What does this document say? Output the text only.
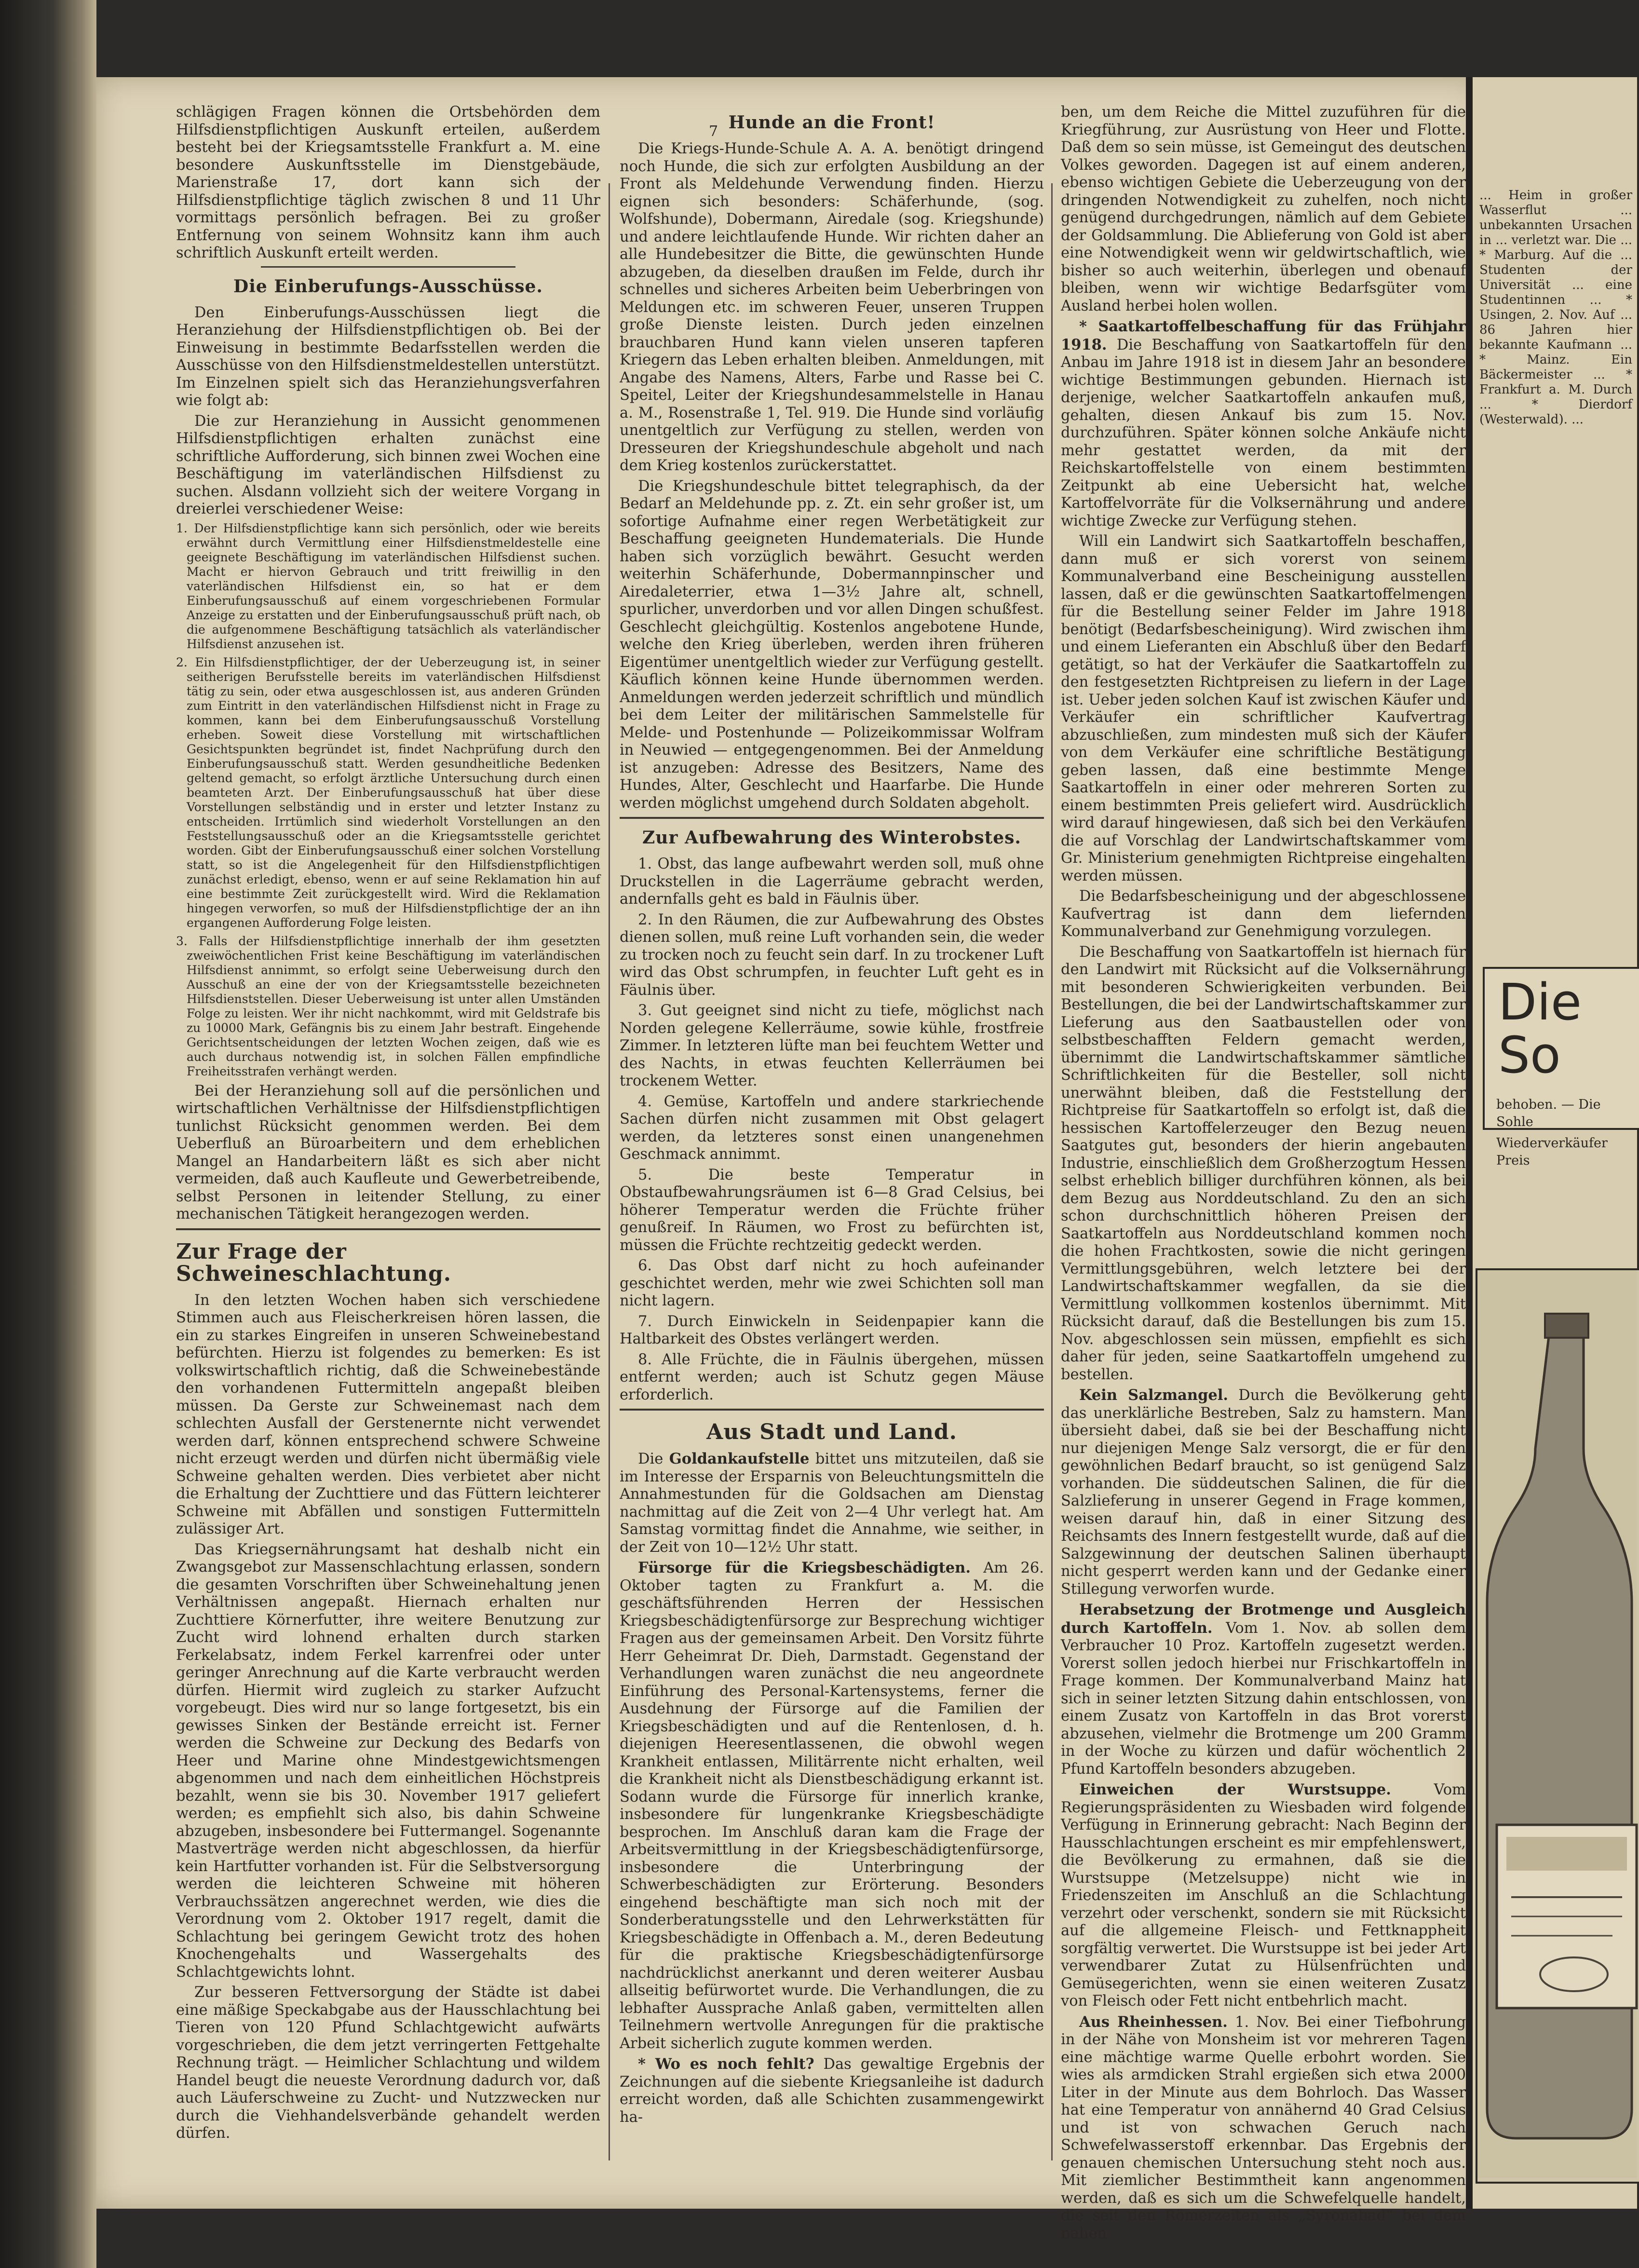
7

schlägigen Fragen können die Ortsbehörden dem Hilfsdienstpflichtigen Auskunft erteilen, außerdem besteht bei der Kriegsamtsstelle Frankfurt a. M. eine besondere Auskunftsstelle im Dienstgebäude, Marienstraße 17, dort kann sich der Hilfsdienstpflichtige täglich zwischen 8 und 11 Uhr vormittags persönlich befragen. Bei zu großer Entfernung von seinem Wohnsitz kann ihm auch schriftlich Auskunft erteilt werden.

Die Einberufungs-Ausschüsse.

Den Einberufungs-Ausschüssen liegt die Heranziehung der Hilfsdienstpflichtigen ob. Bei der Einweisung in bestimmte Bedarfsstellen werden die Ausschüsse von den Hilfsdienstmeldestellen unterstützt. Im Einzelnen spielt sich das Heranziehungsverfahren wie folgt ab:

Die zur Heranziehung in Aussicht genommenen Hilfsdienstpflichtigen erhalten zunächst eine schriftliche Aufforderung, sich binnen zwei Wochen eine Beschäftigung im vaterländischen Hilfsdienst zu suchen. Alsdann vollzieht sich der weitere Vorgang in dreierlei verschiedener Weise:

1. Der Hilfsdienstpflichtige kann sich persönlich, oder wie bereits erwähnt durch Vermittlung einer Hilfsdienstmeldestelle eine geeignete Beschäftigung im vaterländischen Hilfsdienst suchen. Macht er hiervon Gebrauch und tritt freiwillig in den vaterländischen Hilfsdienst ein, so hat er dem Einberufungsausschuß auf einem vorgeschriebenen Formular Anzeige zu erstatten und der Einberufungsausschuß prüft nach, ob die aufgenommene Beschäftigung tatsächlich als vaterländischer Hilfsdienst anzusehen ist.

2. Ein Hilfsdienstpflichtiger, der der Ueberzeugung ist, in seiner seitherigen Berufsstelle bereits im vaterländischen Hilfsdienst tätig zu sein, oder etwa ausgeschlossen ist, aus anderen Gründen zum Eintritt in den vaterländischen Hilfsdienst nicht in Frage zu kommen, kann bei dem Einberufungsausschuß Vorstellung erheben. Soweit diese Vorstellung mit wirtschaftlichen Gesichtspunkten begründet ist, findet Nachprüfung durch den Einberufungsausschuß statt. Werden gesundheitliche Bedenken geltend gemacht, so erfolgt ärztliche Untersuchung durch einen beamteten Arzt. Der Einberufungsausschuß hat über diese Vorstellungen selbständig und in erster und letzter Instanz zu entscheiden. Irrtümlich sind wiederholt Vorstellungen an den Feststellungsausschuß oder an die Kriegsamtsstelle gerichtet worden. Gibt der Einberufungsausschuß einer solchen Vorstellung statt, so ist die Angelegenheit für den Hilfsdienstpflichtigen zunächst erledigt, ebenso, wenn er auf seine Reklamation hin auf eine bestimmte Zeit zurückgestellt wird. Wird die Reklamation hingegen verworfen, so muß der Hilfsdienstpflichtige der an ihn ergangenen Aufforderung Folge leisten.

3. Falls der Hilfsdienstpflichtige innerhalb der ihm gesetzten zweiwöchentlichen Frist keine Beschäftigung im vaterländischen Hilfsdienst annimmt, so erfolgt seine Ueberweisung durch den Ausschuß an eine der von der Kriegsamtsstelle bezeichneten Hilfsdienststellen. Dieser Ueberweisung ist unter allen Umständen Folge zu leisten. Wer ihr nicht nachkommt, wird mit Geldstrafe bis zu 10000 Mark, Gefängnis bis zu einem Jahr bestraft. Eingehende Gerichtsentscheidungen der letzten Wochen zeigen, daß wie es auch durchaus notwendig ist, in solchen Fällen empfindliche Freiheitsstrafen verhängt werden.

Bei der Heranziehung soll auf die persönlichen und wirtschaftlichen Verhältnisse der Hilfsdienstpflichtigen tunlichst Rücksicht genommen werden. Bei dem Ueberfluß an Büroarbeitern und dem erheblichen Mangel an Handarbeitern läßt es sich aber nicht vermeiden, daß auch Kaufleute und Gewerbetreibende, selbst Personen in leitender Stellung, zu einer mechanischen Tätigkeit herangezogen werden.

Zur Frage der Schweineschlachtung.

In den letzten Wochen haben sich verschiedene Stimmen auch aus Fleischerkreisen hören lassen, die ein zu starkes Eingreifen in unseren Schweinebestand befürchten. Hierzu ist folgendes zu bemerken: Es ist volkswirtschaftlich richtig, daß die Schweinebestände den vorhandenen Futtermitteln angepaßt bleiben müssen. Da Gerste zur Schweinemast nach dem schlechten Ausfall der Gerstenernte nicht verwendet werden darf, können entsprechend schwere Schweine nicht erzeugt werden und dürfen nicht übermäßig viele Schweine gehalten werden. Dies verbietet aber nicht die Erhaltung der Zuchttiere und das Füttern leichterer Schweine mit Abfällen und sonstigen Futtermitteln zulässiger Art.

Das Kriegsernährungsamt hat deshalb nicht ein Zwangsgebot zur Massenschlachtung erlassen, sondern die gesamten Vorschriften über Schweinehaltung jenen Verhältnissen angepaßt. Hiernach erhalten nur Zuchttiere Körnerfutter, ihre weitere Benutzung zur Zucht wird lohnend erhalten durch starken Ferkelabsatz, indem Ferkel karrenfrei oder unter geringer Anrechnung auf die Karte verbraucht werden dürfen. Hiermit wird zugleich zu starker Aufzucht vorgebeugt. Dies wird nur so lange fortgesetzt, bis ein gewisses Sinken der Bestände erreicht ist. Ferner werden die Schweine zur Deckung des Bedarfs von Heer und Marine ohne Mindestgewichtsmengen abgenommen und nach dem einheitlichen Höchstpreis bezahlt, wenn sie bis 30. November 1917 geliefert werden; es empfiehlt sich also, bis dahin Schweine abzugeben, insbesondere bei Futtermangel. Sogenannte Mastverträge werden nicht abgeschlossen, da hierfür kein Hartfutter vorhanden ist. Für die Selbstversorgung werden die leichteren Schweine mit höheren Verbrauchssätzen angerechnet werden, wie dies die Verordnung vom 2. Oktober 1917 regelt, damit die Schlachtung bei geringem Gewicht trotz des hohen Knochengehalts und Wassergehalts des Schlachtgewichts lohnt.

Zur besseren Fettversorgung der Städte ist dabei eine mäßige Speckabgabe aus der Hausschlachtung bei Tieren von 120 Pfund Schlachtgewicht aufwärts vorgeschrieben, die dem jetzt verringerten Fettgehalte Rechnung trägt. — Heimlicher Schlachtung und wildem Handel beugt die neueste Verordnung dadurch vor, daß auch Läuferschweine zu Zucht- und Nutzzwecken nur durch die Viehhandelsverbände gehandelt werden dürfen.

Hunde an die Front!

Die Kriegs-Hunde-Schule A. A. A. benötigt dringend noch Hunde, die sich zur erfolgten Ausbildung an der Front als Meldehunde Verwendung finden. Hierzu eignen sich besonders: Schäferhunde, (sog. Wolfshunde), Dobermann, Airedale (sog. Kriegshunde) und andere leichtlaufende Hunde. Wir richten daher an alle Hundebesitzer die Bitte, die gewünschten Hunde abzugeben, da dieselben draußen im Felde, durch ihr schnelles und sicheres Arbeiten beim Ueberbringen von Meldungen etc. im schweren Feuer, unseren Truppen große Dienste leisten. Durch jeden einzelnen brauchbaren Hund kann vielen unseren tapferen Kriegern das Leben erhalten bleiben. Anmeldungen, mit Angabe des Namens, Alters, Farbe und Rasse bei C. Speitel, Leiter der Kriegshundesammelstelle in Hanau a. M., Rosenstraße 1, Tel. 919. Die Hunde sind vorläufig unentgeltlich zur Verfügung zu stellen, werden von Dresseuren der Kriegshundeschule abgeholt und nach dem Krieg kostenlos zurückerstattet.

Die Kriegshundeschule bittet telegraphisch, da der Bedarf an Meldehunde pp. z. Zt. ein sehr großer ist, um sofortige Aufnahme einer regen Werbetätigkeit zur Beschaffung geeigneten Hundematerials. Die Hunde haben sich vorzüglich bewährt. Gesucht werden weiterhin Schäferhunde, Dobermannpinscher und Airedaleterrier, etwa 1—3½ Jahre alt, schnell, spurlicher, unverdorben und vor allen Dingen schußfest. Geschlecht gleichgültig. Kostenlos angebotene Hunde, welche den Krieg überleben, werden ihren früheren Eigentümer unentgeltlich wieder zur Verfügung gestellt. Käuflich können keine Hunde übernommen werden. Anmeldungen werden jederzeit schriftlich und mündlich bei dem Leiter der militärischen Sammelstelle für Melde- und Postenhunde — Polizeikommissar Wolfram in Neuwied — entgegengenommen. Bei der Anmeldung ist anzugeben: Adresse des Besitzers, Name des Hundes, Alter, Geschlecht und Haarfarbe. Die Hunde werden möglichst umgehend durch Soldaten abgeholt.

Zur Aufbewahrung des Winterobstes.

1. Obst, das lange aufbewahrt werden soll, muß ohne Druckstellen in die Lagerräume gebracht werden, andernfalls geht es bald in Fäulnis über.

2. In den Räumen, die zur Aufbewahrung des Obstes dienen sollen, muß reine Luft vorhanden sein, die weder zu trocken noch zu feucht sein darf. In zu trockener Luft wird das Obst schrumpfen, in feuchter Luft geht es in Fäulnis über.

3. Gut geeignet sind nicht zu tiefe, möglichst nach Norden gelegene Kellerräume, sowie kühle, frostfreie Zimmer. In letzteren lüfte man bei feuchtem Wetter und des Nachts, in etwas feuchten Kellerräumen bei trockenem Wetter.

4. Gemüse, Kartoffeln und andere starkriechende Sachen dürfen nicht zusammen mit Obst gelagert werden, da letzteres sonst einen unangenehmen Geschmack annimmt.

5. Die beste Temperatur in Obstaufbewahrungsräumen ist 6—8 Grad Celsius, bei höherer Temperatur werden die Früchte früher genußreif. In Räumen, wo Frost zu befürchten ist, müssen die Früchte rechtzeitig gedeckt werden.

6. Das Obst darf nicht zu hoch aufeinander geschichtet werden, mehr wie zwei Schichten soll man nicht lagern.

7. Durch Einwickeln in Seidenpapier kann die Haltbarkeit des Obstes verlängert werden.

8. Alle Früchte, die in Fäulnis übergehen, müssen entfernt werden; auch ist Schutz gegen Mäuse erforderlich.

Aus Stadt und Land.

Die Goldankaufstelle bittet uns mitzuteilen, daß sie im Interesse der Ersparnis von Beleuchtungsmitteln die Annahmestunden für die Goldsachen am Dienstag nachmittag auf die Zeit von 2—4 Uhr verlegt hat. Am Samstag vormittag findet die Annahme, wie seither, in der Zeit von 10—12½ Uhr statt.

Fürsorge für die Kriegsbeschädigten. Am 26. Oktober tagten zu Frankfurt a. M. die geschäftsführenden Herren der Hessischen Kriegsbeschädigtenfürsorge zur Besprechung wichtiger Fragen aus der gemeinsamen Arbeit. Den Vorsitz führte Herr Geheimrat Dr. Dieh, Darmstadt. Gegenstand der Verhandlungen waren zunächst die neu angeordnete Einführung des Personal-Kartensystems, ferner die Ausdehnung der Fürsorge auf die Familien der Kriegsbeschädigten und auf die Rentenlosen, d. h. diejenigen Heeresentlassenen, die obwohl wegen Krankheit entlassen, Militärrente nicht erhalten, weil die Krankheit nicht als Dienstbeschädigung erkannt ist. Sodann wurde die Fürsorge für innerlich kranke, insbesondere für lungenkranke Kriegsbeschädigte besprochen. Im Anschluß daran kam die Frage der Arbeitsvermittlung in der Kriegsbeschädigtenfürsorge, insbesondere die Unterbringung der Schwerbeschädigten zur Erörterung. Besonders eingehend beschäftigte man sich noch mit der Sonderberatungsstelle und den Lehrwerkstätten für Kriegsbeschädigte in Offenbach a. M., deren Bedeutung für die praktische Kriegsbeschädigtenfürsorge nachdrücklichst anerkannt und deren weiterer Ausbau allseitig befürwortet wurde. Die Verhandlungen, die zu lebhafter Aussprache Anlaß gaben, vermittelten allen Teilnehmern wertvolle Anregungen für die praktische Arbeit sicherlich zugute kommen werden.

* Wo es noch fehlt? Das gewaltige Ergebnis der Zeichnungen auf die siebente Kriegsanleihe ist dadurch erreicht worden, daß alle Schichten zusammengewirkt ha-

ben, um dem Reiche die Mittel zuzuführen für die Kriegführung, zur Ausrüstung von Heer und Flotte. Daß dem so sein müsse, ist Gemeingut des deutschen Volkes geworden. Dagegen ist auf einem anderen, ebenso wichtigen Gebiete die Ueberzeugung von der dringenden Notwendigkeit zu zuhelfen, noch nicht genügend durchgedrungen, nämlich auf dem Gebiete der Goldsammlung. Die Ablieferung von Gold ist aber eine Notwendigkeit wenn wir geldwirtschaftlich, wie bisher so auch weiterhin, überlegen und obenauf bleiben, wenn wir wichtige Bedarfsgüter vom Ausland herbei holen wollen.

* Saatkartoffelbeschaffung für das Frühjahr 1918. Die Beschaffung von Saatkartoffeln für den Anbau im Jahre 1918 ist in diesem Jahr an besondere wichtige Bestimmungen gebunden. Hiernach ist derjenige, welcher Saatkartoffeln ankaufen muß, gehalten, diesen Ankauf bis zum 15. Nov. durchzuführen. Später können solche Ankäufe nicht mehr gestattet werden, da mit der Reichskartoffelstelle von einem bestimmten Zeitpunkt ab eine Uebersicht hat, welche Kartoffelvorräte für die Volksernährung und andere wichtige Zwecke zur Verfügung stehen.

Will ein Landwirt sich Saatkartoffeln beschaffen, dann muß er sich vorerst von seinem Kommunalverband eine Bescheinigung ausstellen lassen, daß er die gewünschten Saatkartoffelmengen für die Bestellung seiner Felder im Jahre 1918 benötigt (Bedarfsbescheinigung). Wird zwischen ihm und einem Lieferanten ein Abschluß über den Bedarf getätigt, so hat der Verkäufer die Saatkartoffeln zu den festgesetzten Richtpreisen zu liefern in der Lage ist. Ueber jeden solchen Kauf ist zwischen Käufer und Verkäufer ein schriftlicher Kaufvertrag abzuschließen, zum mindesten muß sich der Käufer von dem Verkäufer eine schriftliche Bestätigung geben lassen, daß eine bestimmte Menge Saatkartoffeln in einer oder mehreren Sorten zu einem bestimmten Preis geliefert wird. Ausdrücklich wird darauf hingewiesen, daß sich bei den Verkäufen die auf Vorschlag der Landwirtschaftskammer vom Gr. Ministerium genehmigten Richtpreise eingehalten werden müssen.

Die Bedarfsbescheinigung und der abgeschlossene Kaufvertrag ist dann dem liefernden Kommunalverband zur Genehmigung vorzulegen.

Die Beschaffung von Saatkartoffeln ist hiernach für den Landwirt mit Rücksicht auf die Volksernährung mit besonderen Schwierigkeiten verbunden. Bei Bestellungen, die bei der Landwirtschaftskammer zur Lieferung aus den Saatbaustellen oder von selbstbeschafften Feldern gemacht werden, übernimmt die Landwirtschaftskammer sämtliche Schriftlichkeiten für die Besteller, soll nicht unerwähnt bleiben, daß die Feststellung der Richtpreise für Saatkartoffeln so erfolgt ist, daß die hessischen Kartoffelerzeuger den Bezug neuen Saatgutes gut, besonders der hierin angebauten Industrie, einschließlich dem Großherzogtum Hessen selbst erheblich billiger durchführen können, als bei dem Bezug aus Norddeutschland. Zu den an sich schon durchschnittlich höheren Preisen der Saatkartoffeln aus Norddeutschland kommen noch die hohen Frachtkosten, sowie die nicht geringen Vermittlungsgebühren, welch letztere bei der Landwirtschaftskammer wegfallen, da sie die Vermittlung vollkommen kostenlos übernimmt. Mit Rücksicht darauf, daß die Bestellungen bis zum 15. Nov. abgeschlossen sein müssen, empfiehlt es sich daher für jeden, seine Saatkartoffeln umgehend zu bestellen.

Kein Salzmangel. Durch die Bevölkerung geht das unerklärliche Bestreben, Salz zu hamstern. Man übersieht dabei, daß sie bei der Beschaffung nicht nur diejenigen Menge Salz versorgt, die er für den gewöhnlichen Bedarf braucht, so ist genügend Salz vorhanden. Die süddeutschen Salinen, die für die Salzlieferung in unserer Gegend in Frage kommen, weisen darauf hin, daß in einer Sitzung des Reichsamts des Innern festgestellt wurde, daß auf die Salzgewinnung der deutschen Salinen überhaupt nicht gesperrt werden kann und der Gedanke einer Stillegung verworfen wurde.

Herabsetzung der Brotmenge und Ausgleich durch Kartoffeln. Vom 1. Nov. ab sollen dem Verbraucher 10 Proz. Kartoffeln zugesetzt werden. Vorerst sollen jedoch hierbei nur Frischkartoffeln in Frage kommen. Der Kommunalverband Mainz hat sich in seiner letzten Sitzung dahin entschlossen, von einem Zusatz von Kartoffeln in das Brot vorerst abzusehen, vielmehr die Brotmenge um 200 Gramm in der Woche zu kürzen und dafür wöchentlich 2 Pfund Kartoffeln besonders abzugeben.

Einweichen der Wurstsuppe. Vom Regierungspräsidenten zu Wiesbaden wird folgende Verfügung in Erinnerung gebracht: Nach Beginn der Hausschlachtungen erscheint es mir empfehlenswert, die Bevölkerung zu ermahnen, daß sie die Wurstsuppe (Metzelsuppe) nicht wie in Friedenszeiten im Anschluß an die Schlachtung verzehrt oder verschenkt, sondern sie mit Rücksicht auf die allgemeine Fleisch- und Fettknappheit sorgfältig verwertet. Die Wurstsuppe ist bei jeder Art verwendbarer Zutat zu Hülsenfrüchten und Gemüsegerichten, wenn sie einen weiteren Zusatz von Fleisch oder Fett nicht entbehrlich macht.

Aus Rheinhessen. 1. Nov. Bei einer Tiefbohrung in der Nähe von Monsheim ist vor mehreren Tagen eine mächtige warme Quelle erbohrt worden. Sie wies als armdicken Strahl ergießen sich etwa 2000 Liter in der Minute aus dem Bohrloch. Das Wasser hat eine Temperatur von annähernd 40 Grad Celsius und ist von schwachen Geruch nach Schwefelwasserstoff erkennbar. Das Ergebnis der genauen chemischen Untersuchung steht noch aus. Mit ziemlicher Bestimmtheit kann angenommen werden, daß es sich um die Schwefelquelle handelt, die seit den Römerzeiten als „Syronabad“ bei dem nahen

... Heim in großer Wasserflut ... unbekannten Ursachen in ... verletzt war. Die ... * Marburg. Auf die ... Studenten der Universität ... eine Studentinnen ... * Usingen, 2. Nov. Auf ... 86 Jahren hier bekannte Kaufmann ... * Mainz. Ein Bäckermeister ... * Frankfurt a. M. Durch ... * Dierdorf (Westerwald). ...
Die So
behoben. — Die Sohle
Wiederverkäufer Preis
